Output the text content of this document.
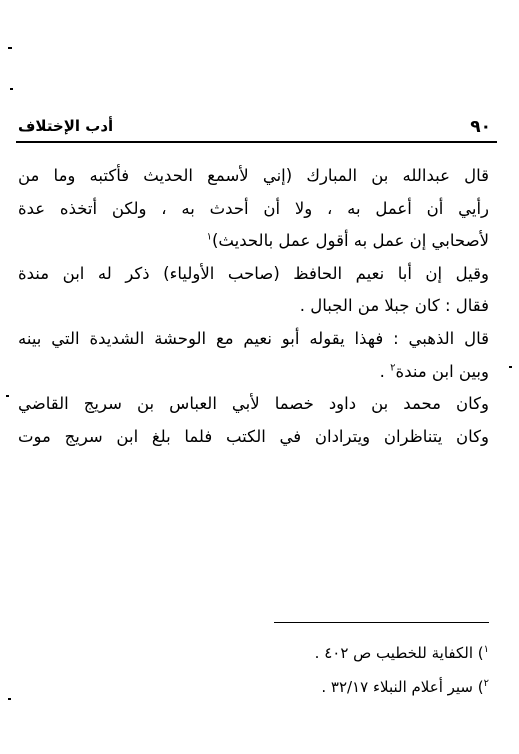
٩٠
أدب الإختلاف
قال عبدالله بن المبارك (إني لأسمع الحديث فأكتبه وما من
رأيي أن أعمل به ، ولا أن أحدث به ، ولكن أتخذه عدة
لأصحابي إن عمل به أقول عمل بالحديث)$^١$
وقيل إن أبا نعيم الحافظ (صاحب الأولياء) ذكر له ابن مندة
فقال : كان جبلا من الجبال .
قال الذهبي : فهذا يقوله أبو نعيم مع الوحشة الشديدة التي بينه
وبين ابن مندة$^٢$ .
وكان محمد بن داود خصما لأبي العباس بن سريج القاضي
وكان يتناظران ويترادان في الكتب فلما بلغ ابن سريج موت
$^١$) الكفاية للخطيب ص ٤٠٢ .
$^٢$) سير أعلام النبلاء ٣٢/١٧ .
